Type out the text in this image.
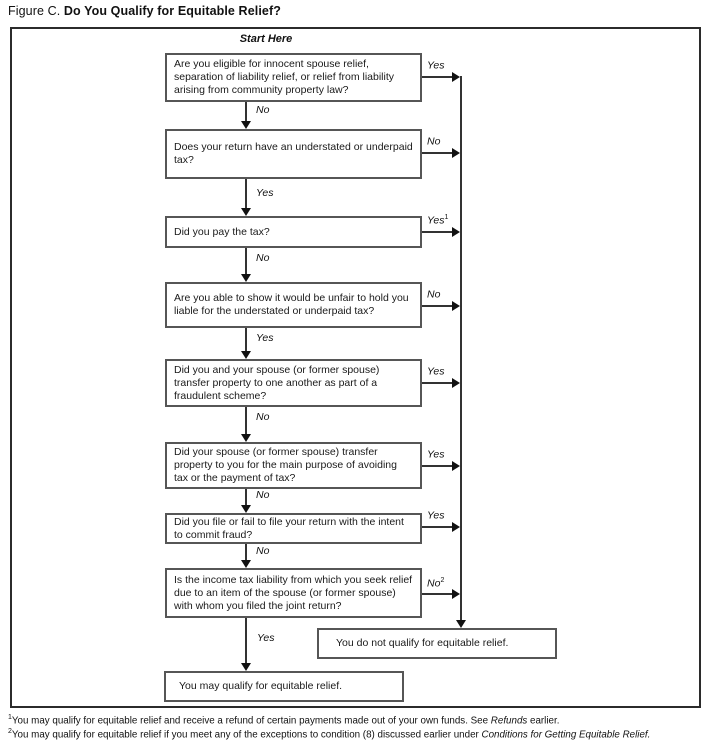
Figure C. Do You Qualify for Equitable Relief?
Start Here
Are you eligible for innocent spouse relief, separation of liability relief, or relief from liability arising from community property law?
Does your return have an understated or underpaid tax?
Did you pay the tax?
Are you able to show it would be unfair to hold you liable for the understated or underpaid tax?
Did you and your spouse (or former spouse) transfer property to one another as part of a fraudulent scheme?
Did your spouse (or former spouse) transfer property to you for the main purpose of avoiding tax or the payment of tax?
Did you file or fail to file your return with the intent to commit fraud?
Is the income tax liability from which you seek relief due to an item of the spouse (or former spouse) with whom you filed the joint return?
No
Yes
No
Yes
No
No
No
Yes
Yes
No
Yes$^1$
No
Yes
Yes
Yes
No$^2$
You do not qualify for equitable relief.
You may qualify for equitable relief.
$^1$You may qualify for equitable relief and receive a refund of certain payments made out of your own funds. See Refunds earlier.
$^2$You may qualify for equitable relief if you meet any of the exceptions to condition (8) discussed earlier under Conditions for Getting Equitable Relief.
